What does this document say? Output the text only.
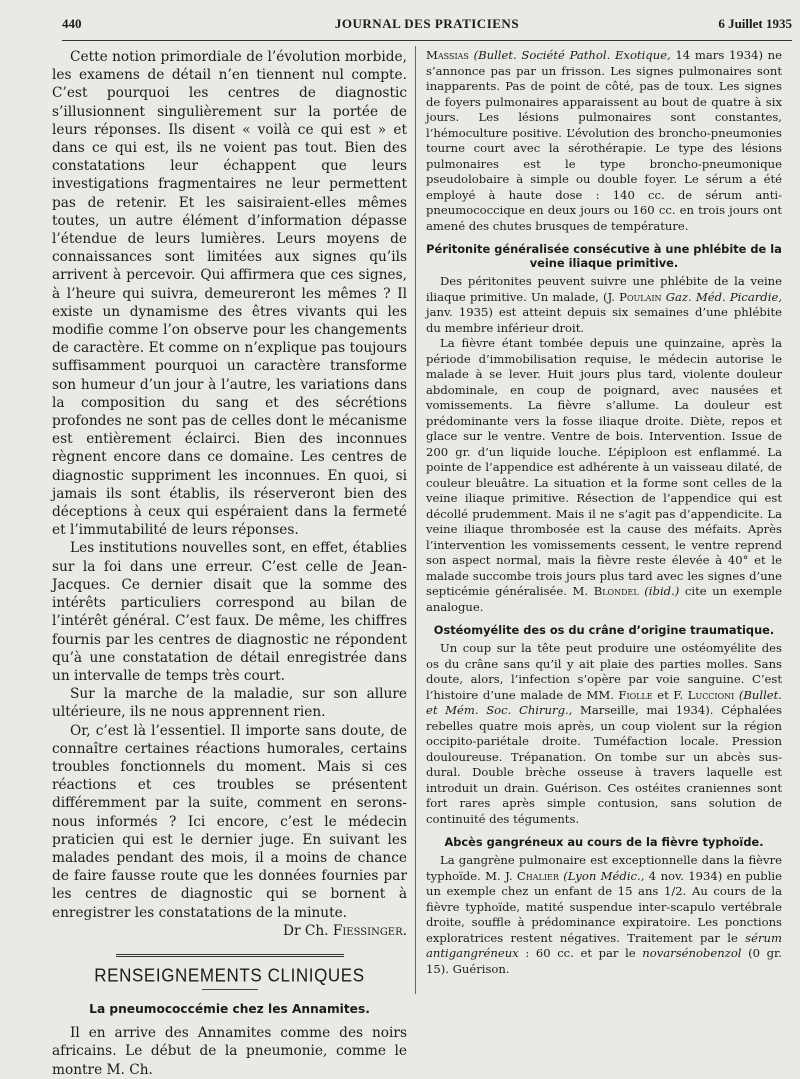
440	JOURNAL DES PRATICIENS	6 Juillet 1935

Cette notion primordiale de l’évolution morbide, les examens de détail n’en tiennent nul compte. C’est pourquoi les centres de diagnostic s’illusionnent singulièrement sur la portée de leurs réponses. Ils disent « voilà ce qui est » et dans ce qui est, ils ne voient pas tout. Bien des constatations leur échappent que leurs investigations fragmentaires ne leur permettent pas de retenir. Et les saisiraient-elles mêmes toutes, un autre élément d’information dépasse l’étendue de leurs lumières. Leurs moyens de connaissances sont limitées aux signes qu’ils arrivent à percevoir. Qui affirmera que ces signes, à l’heure qui suivra, demeureront les mêmes ? Il existe un dynamisme des êtres vivants qui les modifie comme l’on observe pour les changements de caractère. Et comme on n’explique pas toujours suffisamment pourquoi un caractère transforme son humeur d’un jour à l’autre, les variations dans la composition du sang et des sécrétions profondes ne sont pas de celles dont le mécanisme est entièrement éclairci. Bien des inconnues règnent encore dans ce domaine. Les centres de diagnostic suppriment les inconnues. En quoi, si jamais ils sont établis, ils réserveront bien des déceptions à ceux qui espéraient dans la fermeté et l’immutabilité de leurs réponses.

Les institutions nouvelles sont, en effet, établies sur la foi dans une erreur. C’est celle de Jean-Jacques. Ce dernier disait que la somme des intérêts particuliers correspond au bilan de l’intérêt général. C’est faux. De même, les chiffres fournis par les centres de diagnostic ne répondent qu’à une constatation de détail enregistrée dans un intervalle de temps très court.

Sur la marche de la maladie, sur son allure ultérieure, ils ne nous apprennent rien.

Or, c’est là l’essentiel. Il importe sans doute, de connaître certaines réactions humorales, certains troubles fonctionnels du moment. Mais si ces réactions et ces troubles se présentent différemment par la suite, comment en serons-nous informés ? Ici encore, c’est le médecin praticien qui est le dernier juge. En suivant les malades pendant des mois, il a moins de chance de faire fausse route que les données fournies par les centres de diagnostic qui se bornent à enregistrer les constatations de la minute.
Dr Ch. Fiessinger.

RENSEIGNEMENTS CLINIQUES
La pneumococcémie chez les Annamites.

Il en arrive des Annamites comme des noirs africains. Le début de la pneumonie, comme le montre M. Ch.

Massias (Bullet. Société Pathol. Exotique, 14 mars 1934) ne s’annonce pas par un frisson. Les signes pulmonaires sont inapparents. Pas de point de côté, pas de toux. Les signes de foyers pulmonaires apparaissent au bout de quatre à six jours. Les lésions pulmonaires sont constantes, l’hémoculture positive. L’évolution des broncho-pneumonies tourne court avec la sérothérapie. Le type des lésions pulmonaires est le type broncho-pneumonique pseudolobaire à simple ou double foyer. Le sérum a été employé à haute dose : 140 cc. de sérum anti-pneumococcique en deux jours ou 160 cc. en trois jours ont amené des chutes brusques de température.

Péritonite généralisée consécutive à une phlébite de la veine iliaque primitive.

Des péritonites peuvent suivre une phlébite de la veine iliaque primitive. Un malade, (J. Poulain Gaz. Méd. Picardie, janv. 1935) est atteint depuis six semaines d’une phlébite du membre inférieur droit.

La fièvre étant tombée depuis une quinzaine, après la période d’immobilisation requise, le médecin autorise le malade à se lever. Huit jours plus tard, violente douleur abdominale, en coup de poignard, avec nausées et vomissements. La fièvre s’allume. La douleur est prédominante vers la fosse iliaque droite. Diète, repos et glace sur le ventre. Ventre de bois. Intervention. Issue de 200 gr. d’un liquide louche. L’épiploon est enflammé. La pointe de l’appendice est adhérente à un vaisseau dilaté, de couleur bleuâtre. La situation et la forme sont celles de la veine iliaque primitive. Résection de l’appendice qui est décollé prudemment. Mais il ne s’agit pas d’appendicite. La veine iliaque thrombosée est la cause des méfaits. Après l’intervention les vomissements cessent, le ventre reprend son aspect normal, mais la fièvre reste élevée à 40° et le malade succombe trois jours plus tard avec les signes d’une septicémie généralisée. M. Blondel (ibid.) cite un exemple analogue.

Ostéomyélite des os du crâne d’origine traumatique.

Un coup sur la tête peut produire une ostéomyélite des os du crâne sans qu’il y ait plaie des parties molles. Sans doute, alors, l’infection s’opère par voie sanguine. C’est l’histoire d’une malade de MM. Fiolle et F. Luccioni (Bullet. et Mém. Soc. Chirurg., Marseille, mai 1934). Céphalées rebelles quatre mois après, un coup violent sur la région occipito-pariétale droite. Tuméfaction locale. Pression douloureuse. Trépanation. On tombe sur un abcès sus-dural. Double brèche osseuse à travers laquelle est introduit un drain. Guérison. Ces ostéites craniennes sont fort rares après simple contusion, sans solution de continuité des téguments.

Abcès gangréneux au cours de la fièvre typhoïde.

La gangrène pulmonaire est exceptionnelle dans la fièvre typhoïde. M. J. Chalier (Lyon Médic., 4 nov. 1934) en publie un exemple chez un enfant de 15 ans 1/2. Au cours de la fièvre typhoïde, matité suspendue inter-scapulo vertébrale droite, souffle à prédominance expiratoire. Les ponctions exploratrices restent négatives. Traitement par le sérum antigangréneux : 60 cc. et par le novarsénobenzol (0 gr. 15). Guérison.
